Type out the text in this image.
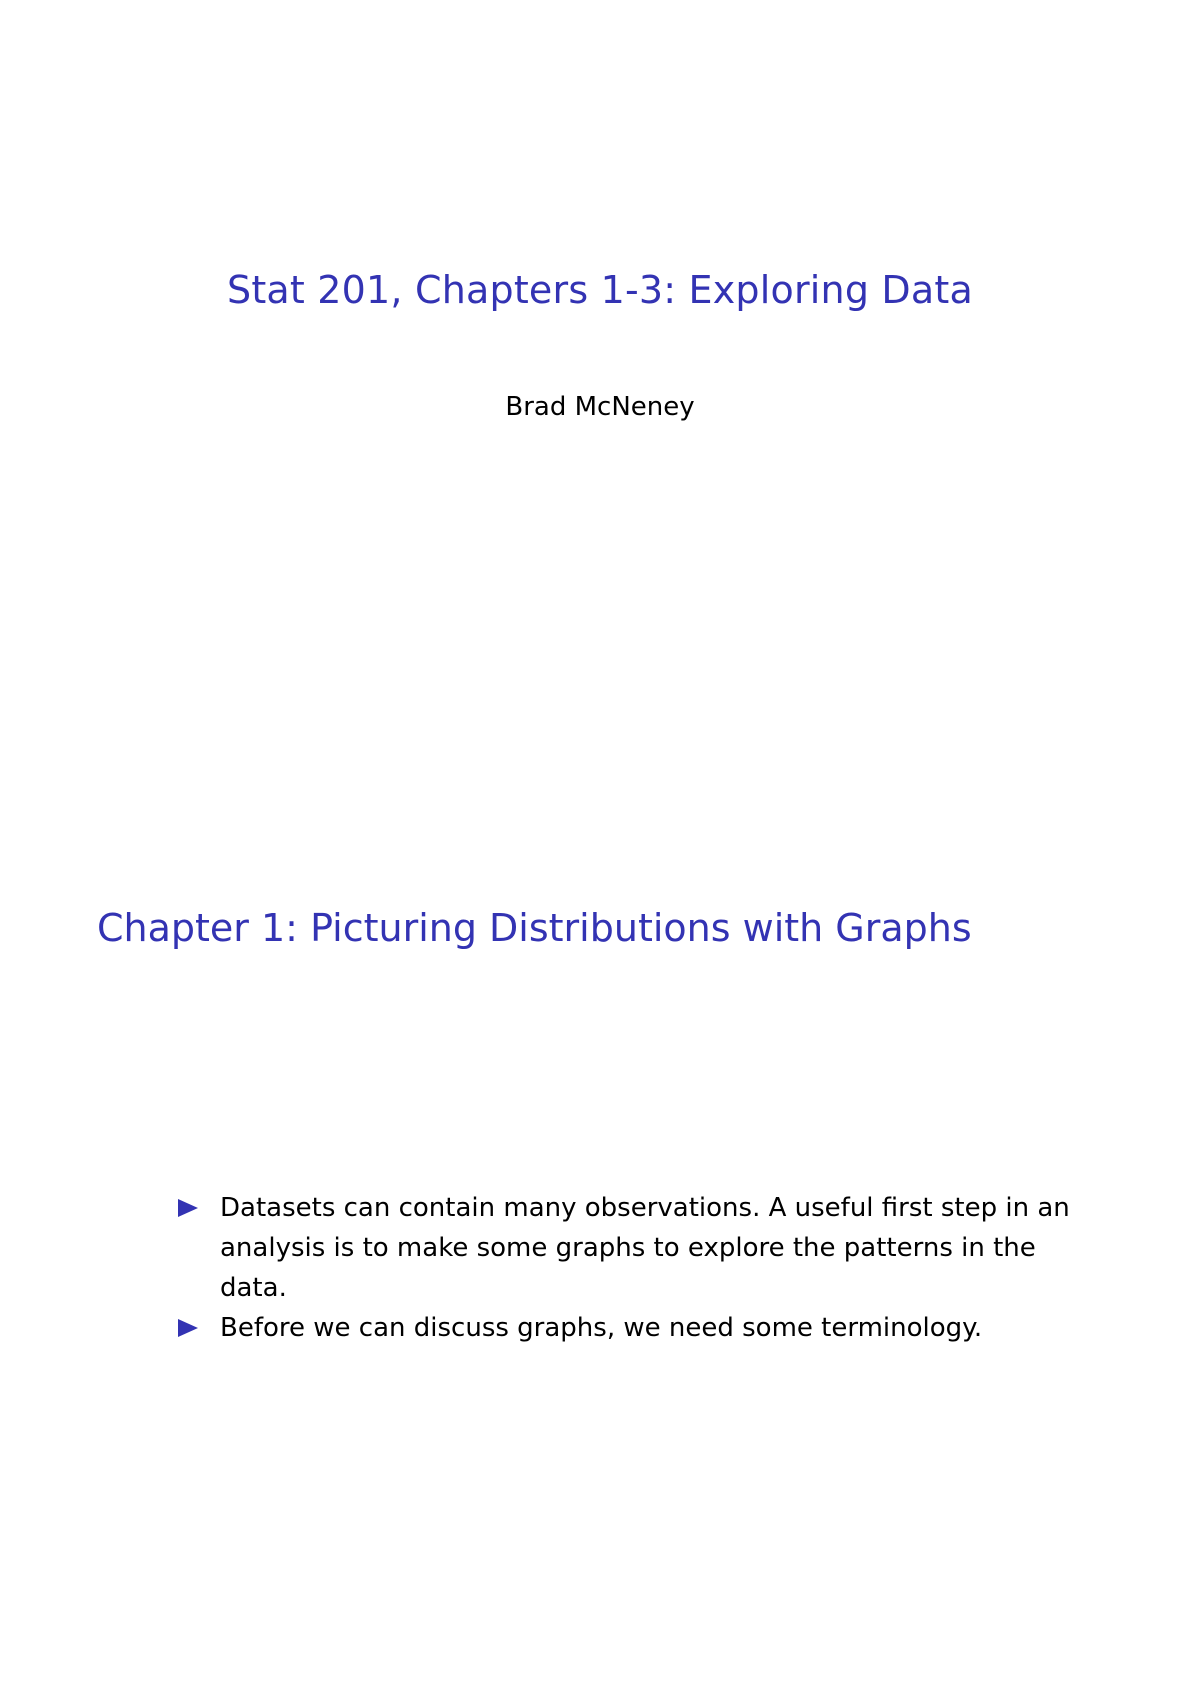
Stat 201, Chapters 1-3: Exploring Data
Brad McNeney
Chapter 1: Picturing Distributions with Graphs
Datasets can contain many observations. A useful first step in an analysis is to make some graphs to explore the patterns in the data.
Before we can discuss graphs, we need some terminology.
